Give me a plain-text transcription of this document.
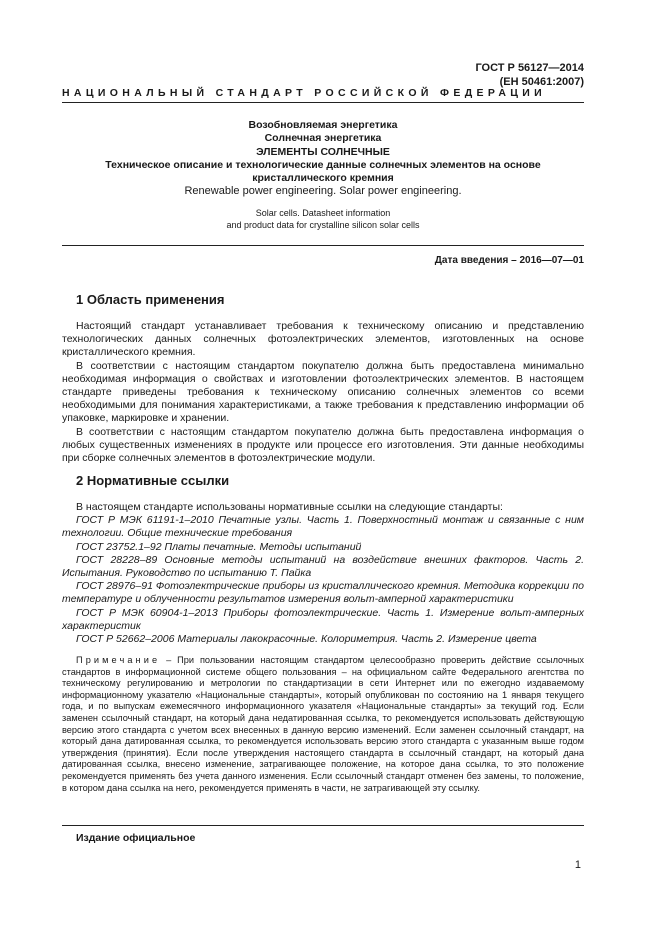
ГОСТ Р 56127—2014
(EH 50461:2007)
НАЦИОНАЛЬНЫЙ СТАНДАРТ РОССИЙСКОЙ ФЕДЕРАЦИИ
Возобновляемая энергетика
Солнечная энергетика
ЭЛЕМЕНТЫ СОЛНЕЧНЫЕ
Техническое описание и технологические данные солнечных элементов на основе
кристаллического кремния
Renewable power engineering. Solar power engineering.
Solar cells. Datasheet information
and product data for crystalline silicon solar cells
Дата введения – 2016—07—01
1 Область применения

Настоящий стандарт устанавливает требования к техническому описанию и представлению технологических данных солнечных фотоэлектрических элементов, изготовленных на основе кристаллического кремния.

В соответствии с настоящим стандартом покупателю должна быть предоставлена минимально необходимая информация о свойствах и изготовлении фотоэлектрических элементов. В настоящем стандарте приведены требования к техническому описанию солнечных элементов со всеми необходимыми для понимания характеристиками, а также требования к представлению информации об упаковке, маркировке и хранении.

В соответствии с настоящим стандартом покупателю должна быть предоставлена информация о любых существенных изменениях в продукте или процессе его изготовления. Эти данные необходимы при сборке солнечных элементов в фотоэлектрические модули.

2 Нормативные ссылки

В настоящем стандарте использованы нормативные ссылки на следующие стандарты:

ГОСТ Р МЭК 61191-1–2010 Печатные узлы. Часть 1. Поверхностный монтаж и связанные с ним технологии. Общие технические требования

ГОСТ 23752.1–92 Платы печатные. Методы испытаний

ГОСТ 28228–89 Основные методы испытаний на воздействие внешних факторов. Часть 2. Испытания. Руководство по испытанию Т. Пайка

ГОСТ 28976–91 Фотоэлектрические приборы из кристаллического кремния. Методика коррекции по температуре и облученности результатов измерения вольт-амперной характеристики

ГОСТ Р МЭК 60904-1–2013 Приборы фотоэлектрические. Часть 1. Измерение вольт-амперных характеристик

ГОСТ Р 52662–2006 Материалы лакокрасочные. Колориметрия. Часть 2. Измерение цвета

Примечание – При пользовании настоящим стандартом целесообразно проверить действие ссылочных стандартов в информационной системе общего пользования – на официальном сайте Федерального агентства по техническому регулированию и метрологии по стандартизации в сети Интернет или по ежегодно издаваемому информационному указателю «Национальные стандарты», который опубликован по состоянию на 1 января текущего года, и по выпускам ежемесячного информационного указателя «Национальные стандарты» за текущий год. Если заменен ссылочный стандарт, на который дана недатированная ссылка, то рекомендуется использовать действующую версию этого стандарта с учетом всех внесенных в данную версию изменений. Если заменен ссылочный стандарт, на который дана датированная ссылка, то рекомендуется использовать версию этого стандарта с указанным выше годом утверждения (принятия). Если после утверждения настоящего стандарта в ссылочный стандарт, на который дана датированная ссылка, внесено изменение, затрагивающее положение, на которое дана ссылка, то это положение рекомендуется применять без учета данного изменения. Если ссылочный стандарт отменен без замены, то положение, в котором дана ссылка на него, рекомендуется применять в части, не затрагивающей эту ссылку.

Издание официальное
1
